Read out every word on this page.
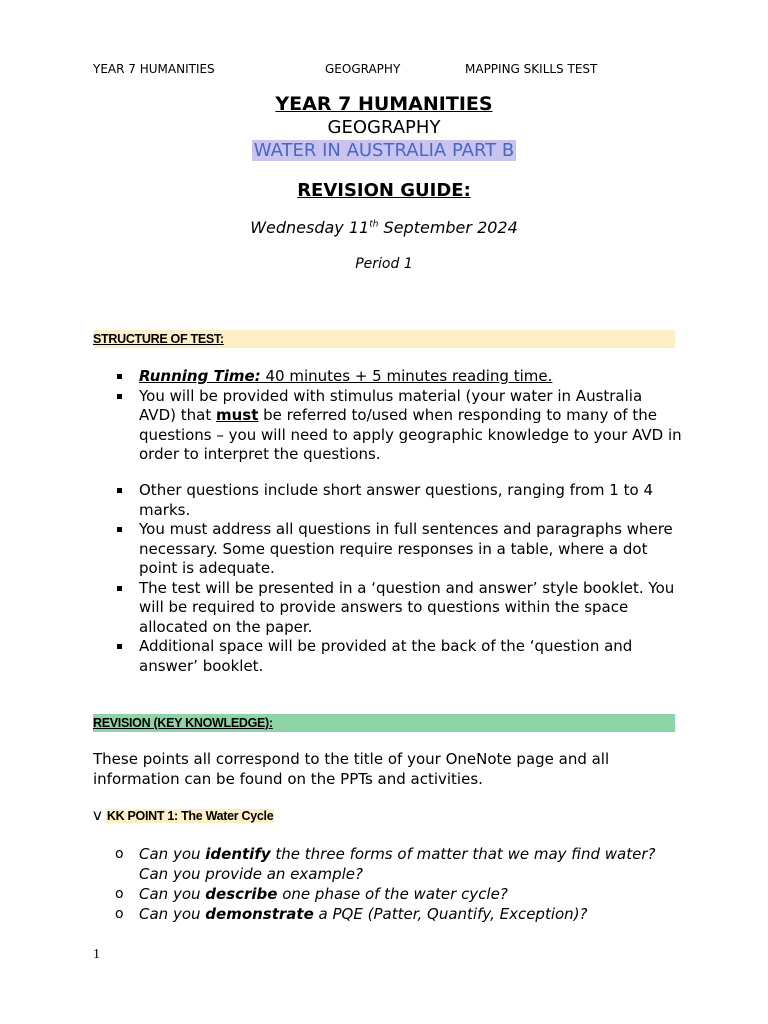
YEAR 7 HUMANITIES	GEOGRAPHY	MAPPING SKILLS TEST
YEAR 7 HUMANITIES
GEOGRAPHY
WATER IN AUSTRALIA PART B
REVISION GUIDE:
Wednesday 11th September 2024
Period 1
STRUCTURE OF TEST:
Running Time: 40 minutes + 5 minutes reading time.
You will be provided with stimulus material (your water in Australia AVD) that must be referred to/used when responding to many of the questions – you will need to apply geographic knowledge to your AVD in order to interpret the questions.
Other questions include short answer questions, ranging from 1 to 4 marks.
You must address all questions in full sentences and paragraphs where necessary. Some question require responses in a table, where a dot point is adequate.
The test will be presented in a ‘question and answer’ style booklet. You will be required to provide answers to questions within the space allocated on the paper.
Additional space will be provided at the back of the ‘question and answer’ booklet.
REVISION (KEY KNOWLEDGE):
These points all correspond to the title of your OneNote page and all information can be found on the PPTs and activities.
v KK POINT 1: The Water Cycle
o Can you identify the three forms of matter that we may find water? Can you provide an example?
o Can you describe one phase of the water cycle?
o Can you demonstrate a PQE (Patter, Quantify, Exception)?
1
